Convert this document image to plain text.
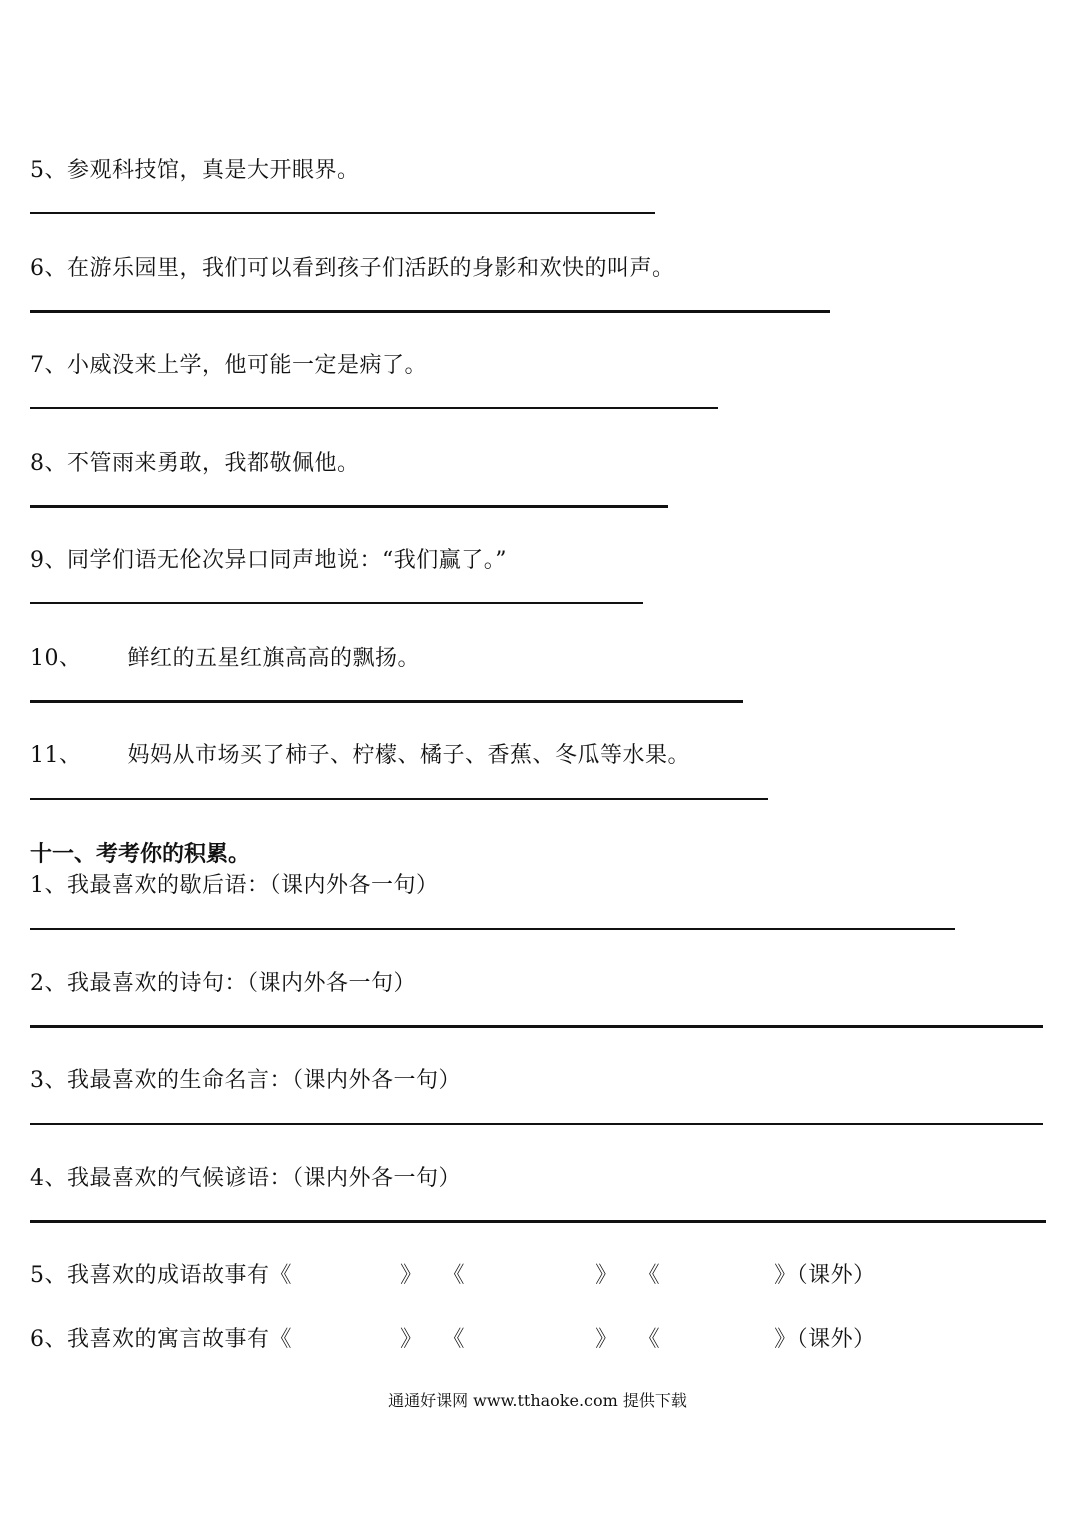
5、参观科技馆，真是大开眼界。
6、在游乐园里，我们可以看到孩子们活跃的身影和欢快的叫声。
7、小威没来上学，他可能一定是病了。
8、不管雨来勇敢，我都敬佩他。
9、同学们语无伦次异口同声地说：“我们赢了。”
10、 鲜红的五星红旗高高的飘扬。
11、 妈妈从市场买了柿子、柠檬、橘子、香蕉、冬瓜等水果。
十一、考考你的积累。
1、我最喜欢的歇后语：（课内外各一句）
2、我最喜欢的诗句：（课内外各一句）
3、我最喜欢的生命名言：（课内外各一句）
4、我最喜欢的气候谚语：（课内外各一句）
5、我喜欢的成语故事有《	》 《	》 《	》（课外）
6、我喜欢的寓言故事有《	》 《	》 《	》（课外）
通通好课网 www.tthaoke.com 提供下载
